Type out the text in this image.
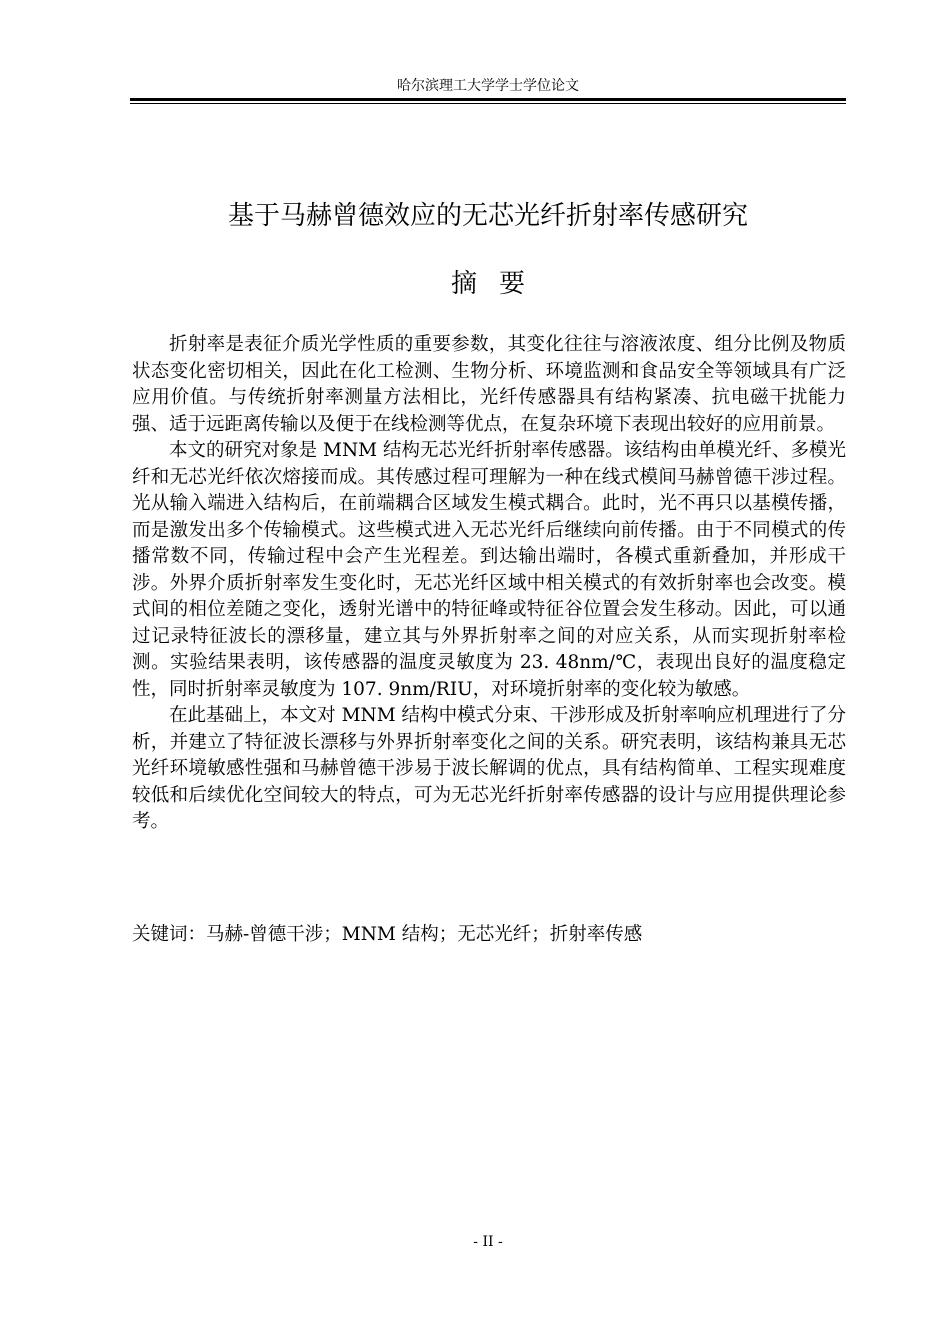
哈尔滨理工大学学士学位论文
基于马赫曾德效应的无芯光纤折射率传感研究
摘要

折射率是表征介质光学性质的重要参数，其变化往往与溶液浓度、组分比例及物质状态变化密切相关，因此在化工检测、生物分析、环境监测和食品安全等领域具有广泛应用价值。与传统折射率测量方法相比，光纤传感器具有结构紧凑、抗电磁干扰能力强、适于远距离传输以及便于在线检测等优点，在复杂环境下表现出较好的应用前景。

本文的研究对象是 MNM 结构无芯光纤折射率传感器。该结构由单模光纤、多模光纤和无芯光纤依次熔接而成。其传感过程可理解为一种在线式模间马赫曾德干涉过程。光从输入端进入结构后，在前端耦合区域发生模式耦合。此时，光不再只以基模传播，而是激发出多个传输模式。这些模式进入无芯光纤后继续向前传播。由于不同模式的传播常数不同，传输过程中会产生光程差。到达输出端时，各模式重新叠加，并形成干涉。外界介质折射率发生变化时，无芯光纤区域中相关模式的有效折射率也会改变。模式间的相位差随之变化，透射光谱中的特征峰或特征谷位置会发生移动。因此，可以通过记录特征波长的漂移量，建立其与外界折射率之间的对应关系，从而实现折射率检测。实验结果表明，该传感器的温度灵敏度为 23. 48nm/℃，表现出良好的温度稳定性，同时折射率灵敏度为 107. 9nm/RIU，对环境折射率的变化较为敏感。

在此基础上，本文对 MNM 结构中模式分束、干涉形成及折射率响应机理进行了分析，并建立了特征波长漂移与外界折射率变化之间的关系。研究表明，该结构兼具无芯光纤环境敏感性强和马赫曾德干涉易于波长解调的优点，具有结构简单、工程实现难度较低和后续优化空间较大的特点，可为无芯光纤折射率传感器的设计与应用提供理论参考。

关键词：马赫-曾德干涉；MNM 结构；无芯光纤；折射率传感
- II -
